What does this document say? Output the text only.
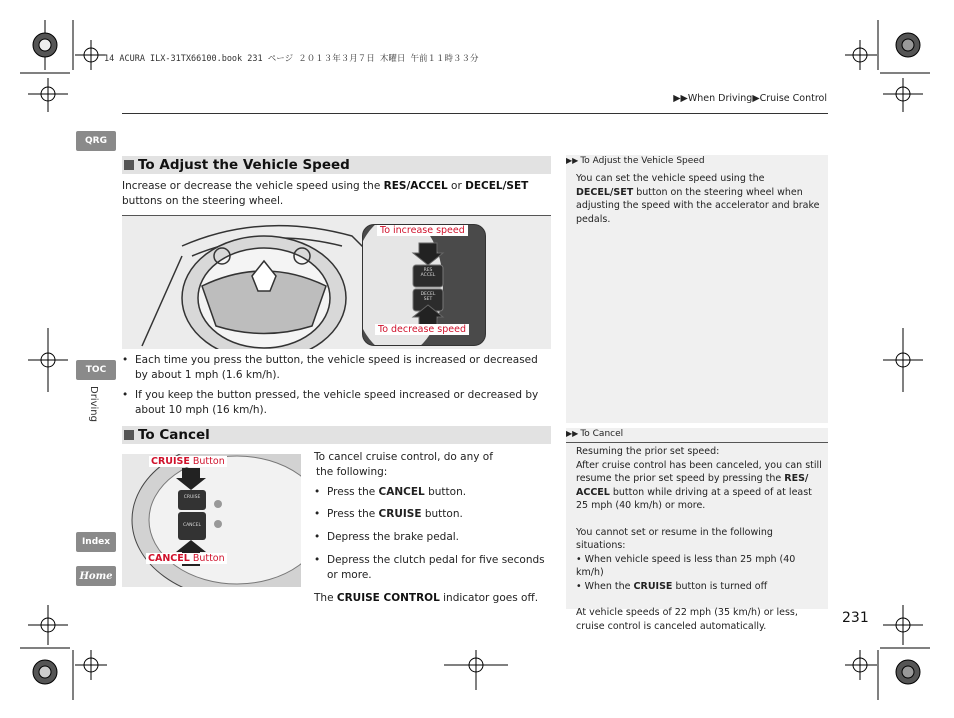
14 ACURA ILX-31TX66100.book 231 ページ ２０１３年３月７日 木曜日 午前１１時３３分
▶▶When Driving▶Cruise Control
QRG
TOC
Driving
Index
Home
To Adjust the Vehicle Speed
Increase or decrease the vehicle speed using the RES/ACCEL or DECEL/SET buttons on the steering wheel.
RES
ACCEL
DECEL
SET
To increase speed
To decrease speed
• Each time you press the button, the vehicle speed is increased or decreased by about 1 mph (1.6 km/h).
• If you keep the button pressed, the vehicle speed increased or decreased by about 10 mph (16 km/h).
To Cancel
CRUISE
CANCEL
CRUISE Button
CANCEL Button
To cancel cruise control, do any of
the following:
• Press the CANCEL button.
• Press the CRUISE button.
• Depress the brake pedal.
• Depress the clutch pedal for five seconds or more.
The CRUISE CONTROL indicator goes off.
▶▶ To Adjust the Vehicle Speed
You can set the vehicle speed using the DECEL/SET button on the steering wheel when adjusting the speed with the accelerator and brake pedals.
▶▶ To Cancel
Resuming the prior set speed:
After cruise control has been canceled, you can still resume the prior set speed by pressing the RES/ ACCEL button while driving at a speed of at least 25 mph (40 km/h) or more.
You cannot set or resume in the following situations:
• When vehicle speed is less than 25 mph (40 km/h)
• When the CRUISE button is turned off
At vehicle speeds of 22 mph (35 km/h) or less, cruise control is canceled automatically.	231
